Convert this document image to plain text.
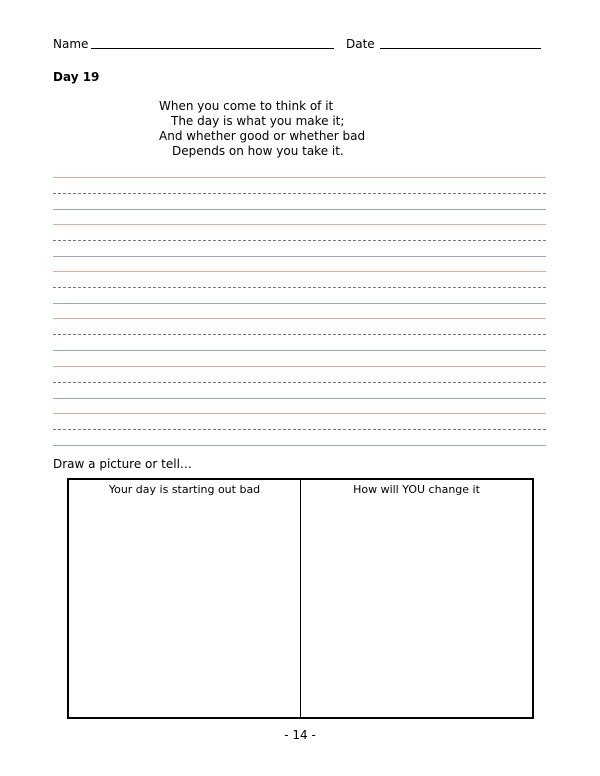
Name	Date
Day 19
When you come to think of it
The day is what you make it;
And whether good or whether bad
Depends on how you take it.
Draw a picture or tell…
Your day is starting out bad	How will YOU change it
- 14 -
